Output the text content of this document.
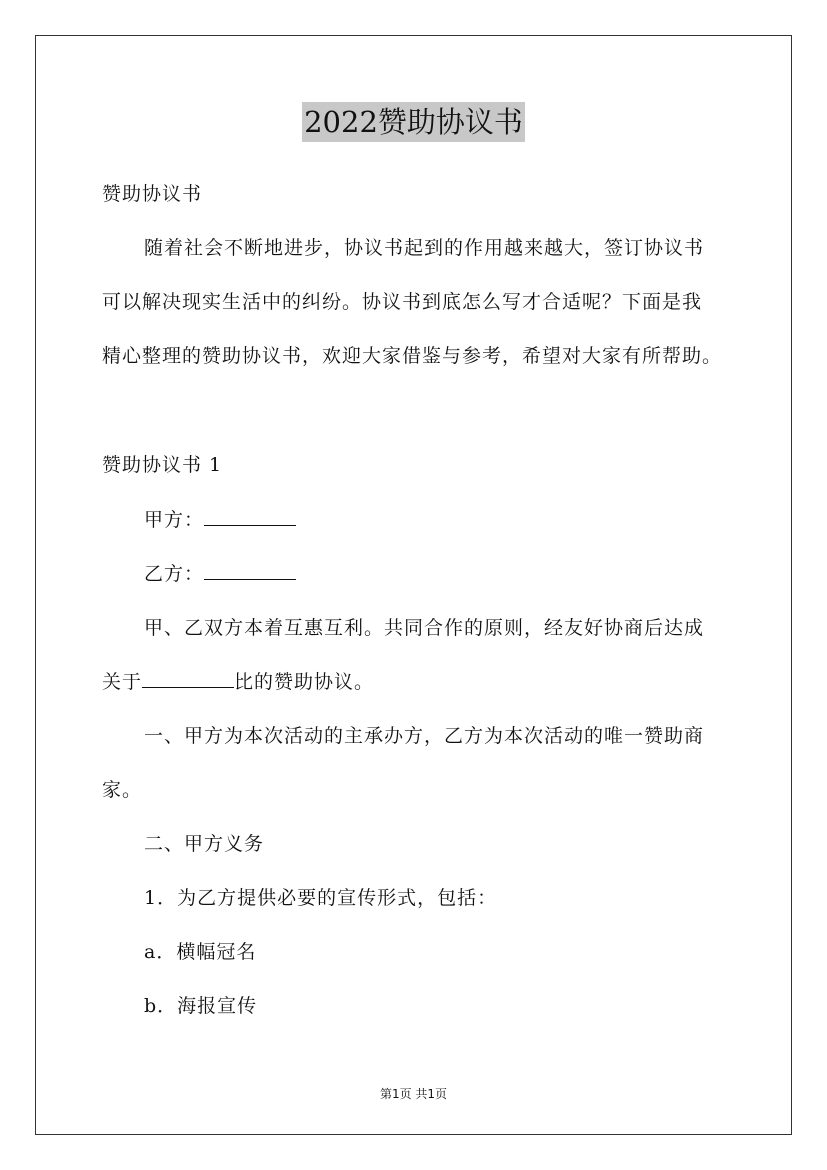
2022赞助协议书
赞助协议书
随着社会不断地进步，协议书起到的作用越来越大，签订协议书
可以解决现实生活中的纠纷。协议书到底怎么写才合适呢？下面是我
精心整理的赞助协议书，欢迎大家借鉴与参考，希望对大家有所帮助。
赞助协议书 1
甲方：
乙方：
甲、乙双方本着互惠互利。共同合作的原则，经友好协商后达成
关于	比的赞助协议。
一、甲方为本次活动的主承办方，乙方为本次活动的唯一赞助商
家。
二、甲方义务
1．为乙方提供必要的宣传形式，包括：
a．横幅冠名
b．海报宣传
第1页 共1页
